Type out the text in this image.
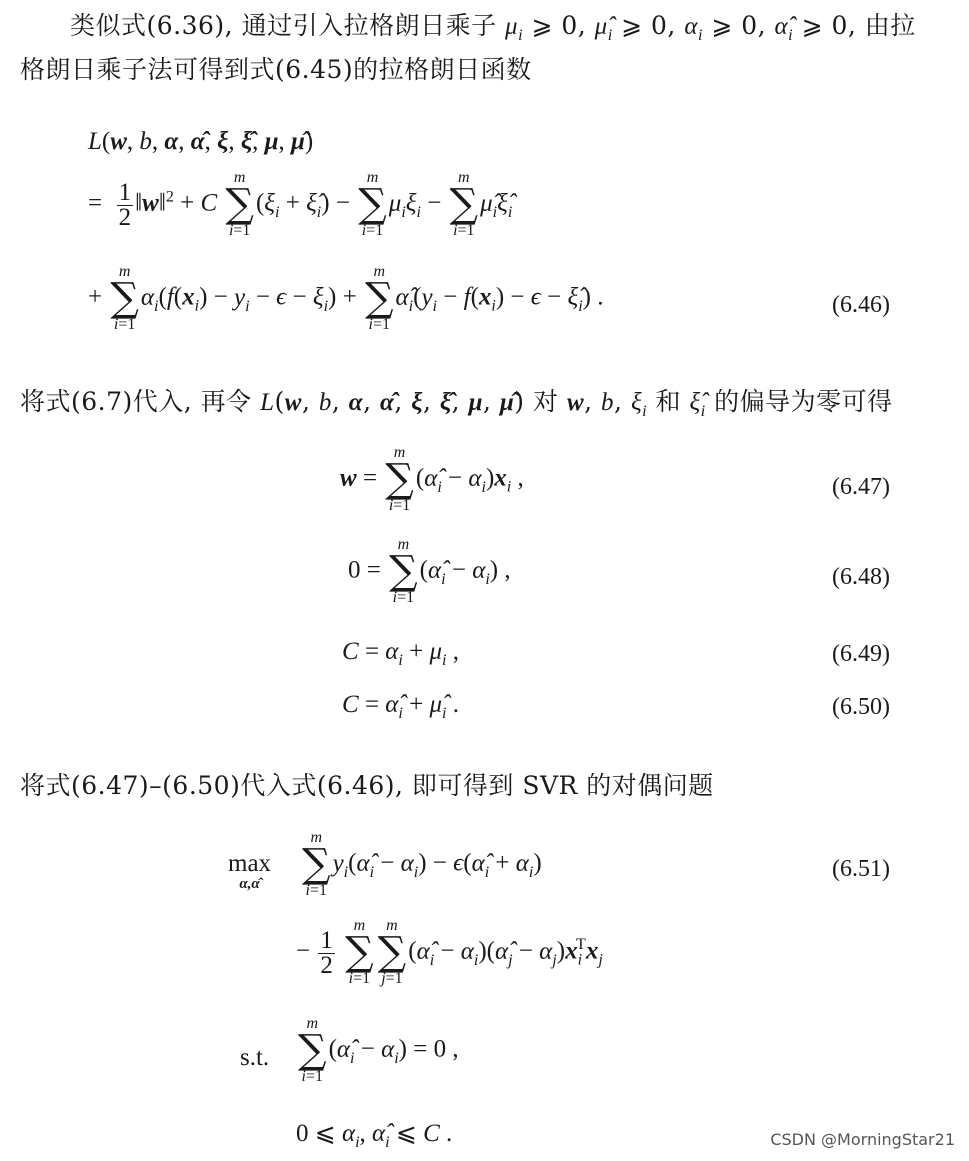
类似式(6.36), 通过引入拉格朗日乘子 $\mu_i$ ⩾ 0, $\mû_i$ ⩾ 0, $\alpha_i$ ⩾ 0, $\alphâ_i$ ⩾ 0, 由拉
格朗日乘子法可得到式(6.45)的拉格朗日函数
L(w, b, α, α̂, ξ, ξ̂, μ, μ̂)
= $\frac{1}{2}$ ‖w‖$^2$ + C
m
∑
i=1
($\xi_i$ + $\xî_i$) −
m
∑
i=1
$\mu_i\xi_i$ −
m
∑
i=1
$\mû_i\xî_i$
+
m
∑
i=1
$\alpha_i(f(x_i) - y_i - \epsilon - \xi_i)$ +
m
∑
i=1
$\alphâ_i(y_i - f(x_i) - \epsilon$ − $\xî_i$) .	(6.46)
将式(6.7)代入, 再令 L(w, b, α, α̂, ξ, ξ̂, μ, μ̂) 对 w, b, $\xi_i$ 和 $\xî_i$ 的偏导为零可得
w =
m
∑
i=1
$(\alphâ_i - \alpha_i)x_i$ ,	(6.47)
0 =
m
∑
i=1
$(\alphâ_i - \alpha_i)$ ,	(6.48)
$C = \alpha_i + \mu_i$ ,	(6.49)
$C = \alphâ_i$ + $\mû_i$ .	(6.50)
将式(6.47)–(6.50)代入式(6.46), 即可得到 SVR 的对偶问题
max
α,α̂
m
∑
i=1
$y_i(\alphâ_i - \alpha_i)$ − $\epsilon(\alphâ_i + \alpha_i)$	(6.51)
− $\frac{1}{2}$

m
∑
i=1
m
∑
j=1
($\alphâ_i$ − $\alpha_i)(\alphâ_j - \alpha_j)x_i^Tx_j$
s.t.
m
∑
i=1
$(\alphâ_i - \alpha_i) = 0$ ,
0 ⩽ $\alpha_i$, $\alphâ_i$ ⩽ C .	CSDN @MorningStar21
